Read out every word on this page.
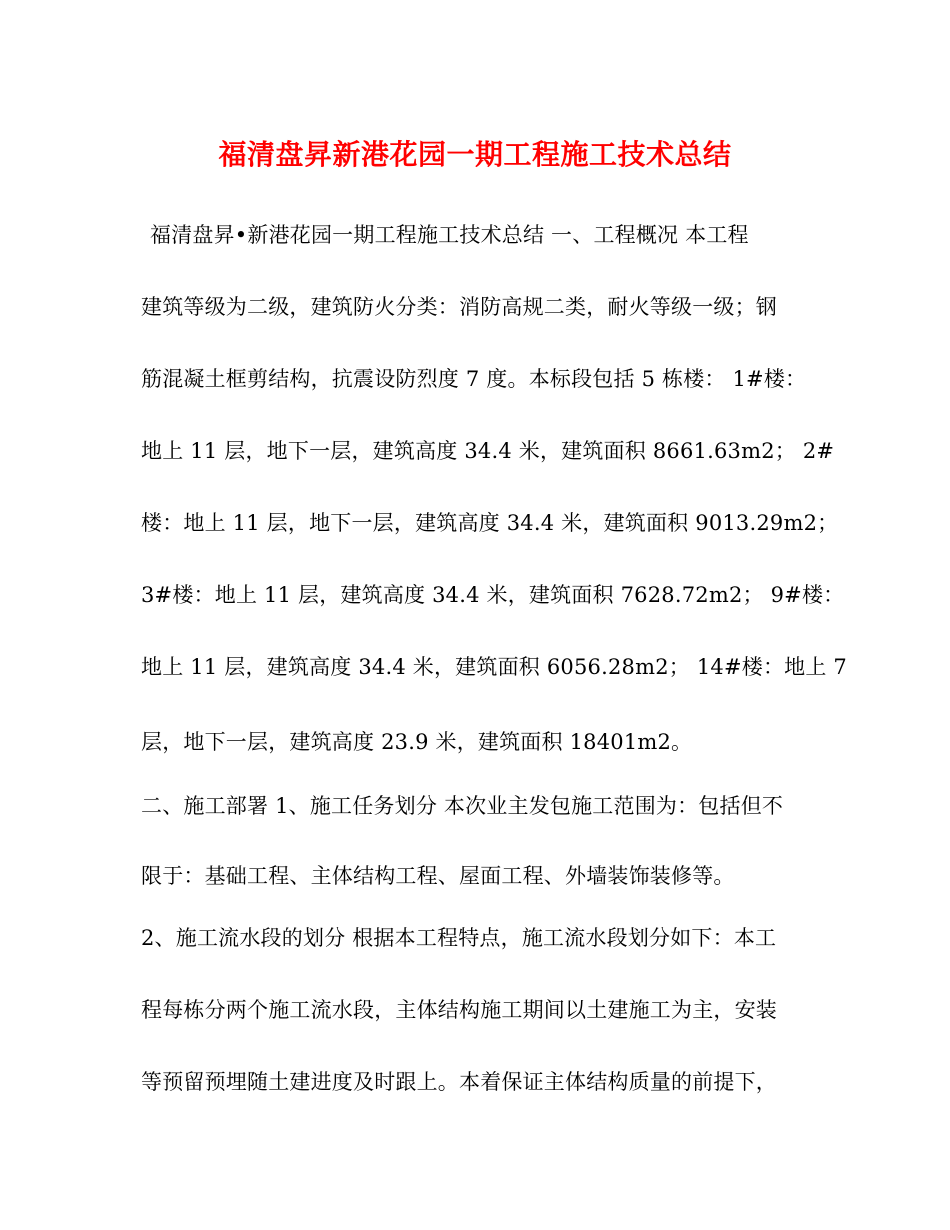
福清盘昇新港花园一期工程施工技术总结

福清盘昇•新港花园一期工程施工技术总结 一、工程概况 本工程

建筑等级为二级，建筑防火分类：消防高规二类，耐火等级一级；钢

筋混凝土框剪结构，抗震设防烈度 7 度。本标段包括 5 栋楼： 1#楼：

地上 11 层，地下一层，建筑高度 34.4 米，建筑面积 8661.63m2； 2#

楼：地上 11 层，地下一层，建筑高度 34.4 米，建筑面积 9013.29m2；

3#楼：地上 11 层，建筑高度 34.4 米，建筑面积 7628.72m2； 9#楼：

地上 11 层，建筑高度 34.4 米，建筑面积 6056.28m2； 14#楼：地上 7

层，地下一层，建筑高度 23.9 米，建筑面积 18401m2。

二、施工部署 1、施工任务划分 本次业主发包施工范围为：包括但不

限于：基础工程、主体结构工程、屋面工程、外墙装饰装修等。

2、施工流水段的划分 根据本工程特点，施工流水段划分如下：本工

程每栋分两个施工流水段，主体结构施工期间以土建施工为主，安装

等预留预埋随土建进度及时跟上。本着保证主体结构质量的前提下，
